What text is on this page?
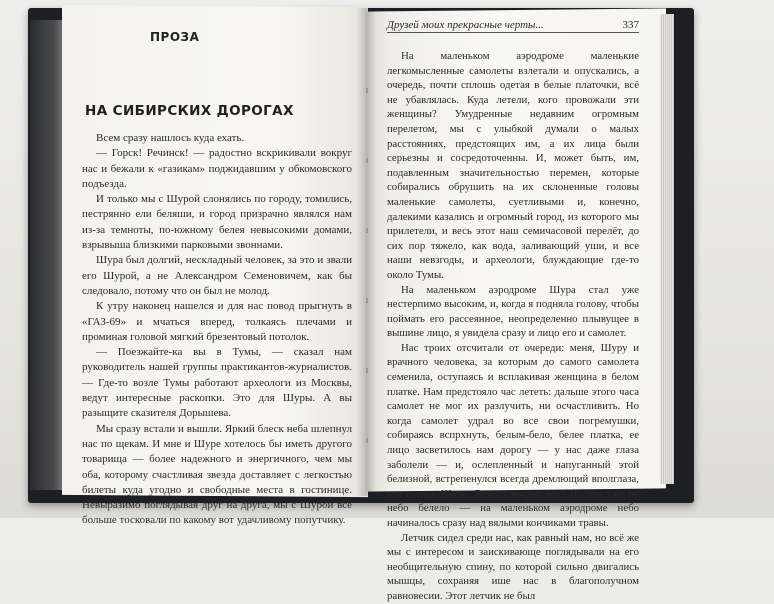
ПРОЗА
НА СИБИРСКИХ ДОРОГАХ

Всем сразу нашлось куда ехать.

— Горск! Речинск! — радостно вскрикивали вокруг нас и бежали к «газикам» поджидавшим у обкомовского подъезда.

И только мы с Шурой слонялись по городу, томились, пестрянно ели беляши, и город призрачно являлся нам из-за темноты, по-южному белея невысокими домами, взрывыша близкими парковыми звоннами.

Шура был долгий, нескладный человек, за это и звали его Шурой, а не Александром Семеновичем, как бы следовало, потому что он был не молод.

К утру наконец нашелся и для нас повод прыгнуть в «ГАЗ-69» и мчаться вперед, толкаясь плечами и проминая головой мягкий брезентовый потолок.

— Поезжайте-ка вы в Тумы, — сказал нам руководитель нашей группы практикантов-журналистов. — Где-то возле Тумы работают археологи из Москвы, ведут интересные раскопки. Это для Шуры. А вы разыщите сказителя Дорышева.

Мы сразу встали и вышли. Яркий блеск неба шлепнул нас по щекам. И мне и Шуре хотелось бы иметь другого товарища — более надежного и энергичного, чем мы оба, которому счастливая звезда доставляет с легкостью билеты куда угодно и свободные места в гостинице. Невыразимо поглядывая друг на друга, мы с Шурой всё больше тосковали по какому вот удачливому попутчику.

Друзей моих прекрасные черты...	337

На маленьком аэродроме маленькие легкомысленные самолеты взлетали и опускались, а очередь, почти сплошь одетая в белые платочки, всё не убавлялась. Куда летели, кого провожали эти женщины? Умудренные недавним огромным перелетом, мы с улыбкой думали о малых расстояниях, предстоящих им, а их лица были серьезны и сосредоточенны. И, может быть, им, подавленным значительностью перемен, которые собирались обрушить на их склоненные головы маленькие самолеты, суетливыми и, конечно, далекими казались и огромный город, из которого мы прилетели, и весь этот наш семичасовой перелёт, до сих пор тяжело, как вода, заливающий уши, и все наши невзгоды, и археологи, блуждающие где-то около Тумы.

На маленьком аэродроме Шура стал уже нестерпимо высоким, и, когда я подняла голову, чтобы поймать его рассеянное, неопределенно плывущее в вышине лицо, я увидела сразу и лицо его и самолет.

Нас троих отсчитали от очереди: меня, Шуру и врачного человека, за которым до самого самолета семенила, оступаясь и всплакивая женщина в белом платке. Нам предстояло час лететь: дальше этого часа самолет не мог их разлучить, ни осчастливить. Но когда самолет удрал во все свои погремушки, собираясь вспрхнуть, белым-бело, белее платка, ее лицо засветилось нам дорогу — у нас даже глаза заболели — и, ослепленный и напуганный этой белизной, встрепенулся всегда дремлющий вполглаза, как птица, Шура. Белело вокруг нас! Но это уже не небо белело — на маленьком аэродроме небо начиналось сразу над вялыми кончиками травы.

Летчик сидел среди нас, как равный нам, но всё же мы с интересом и заискивающе поглядывали на его необщительную спину, по которой сильно двигались мышцы, сохраняя ише нас в благополучном равновесии. Этот летчик не был
